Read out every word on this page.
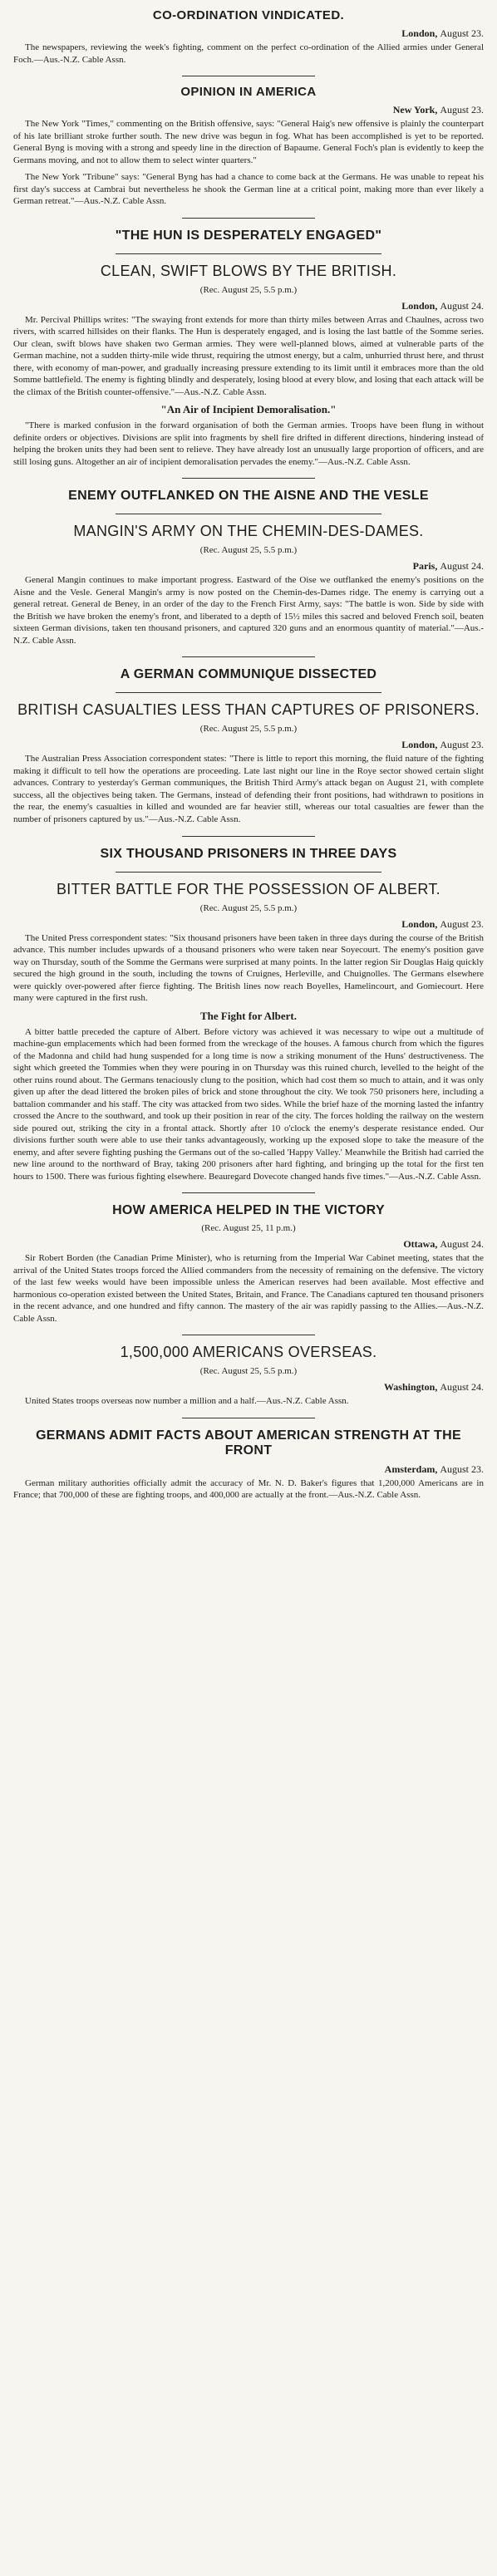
CO-ORDINATION VINDICATED.
London, August 23.

The newspapers, reviewing the week's fighting, comment on the perfect co-ordination of the Allied armies under General Foch.—Aus.-N.Z. Cable Assn.

OPINION IN AMERICA
New York, August 23.

The New York "Times," commenting on the British offensive, says: "General Haig's new offensive is plainly the counterpart of his late brilliant stroke further south. The new drive was begun in fog. What has been accomplished is yet to be reported. General Byng is moving with a strong and speedy line in the direction of Bapaume. General Foch's plan is evidently to keep the Germans moving, and not to allow them to select winter quarters."

The New York "Tribune" says: "General Byng has had a chance to come back at the Germans. He was unable to repeat his first day's success at Cambrai but nevertheless he shook the German line at a critical point, making more than ever likely a German retreat."—Aus.-N.Z. Cable Assn.

"THE HUN IS DESPERATELY ENGAGED"
CLEAN, SWIFT BLOWS BY THE BRITISH.
(Rec. August 25, 5.5 p.m.)
London, August 24.

Mr. Percival Phillips writes: "The swaying front extends for more than thirty miles between Arras and Chaulnes, across two rivers, with scarred hillsides on their flanks. The Hun is desperately engaged, and is losing the last battle of the Somme series. Our clean, swift blows have shaken two German armies. They were well-planned blows, aimed at vulnerable parts of the German machine, not a sudden thirty-mile wide thrust, requiring the utmost energy, but a calm, unhurried thrust here, and thrust there, with economy of man-power, and gradually increasing pressure extending to its limit until it embraces more than the old Somme battlefield. The enemy is fighting blindly and desperately, losing blood at every blow, and losing that each attack will be the climax of the British counter-offensive."—Aus.-N.Z. Cable Assn.

"An Air of Incipient Demoralisation."

"There is marked confusion in the forward organisation of both the German armies. Troops have been flung in without definite orders or objectives. Divisions are split into fragments by shell fire drifted in different directions, hindering instead of helping the broken units they had been sent to relieve. They have already lost an unusually large proportion of officers, and are still losing guns. Altogether an air of incipient demoralisation pervades the enemy."—Aus.-N.Z. Cable Assn.

ENEMY OUTFLANKED ON THE AISNE AND THE VESLE
MANGIN'S ARMY ON THE CHEMIN-DES-DAMES.
(Rec. August 25, 5.5 p.m.)
Paris, August 24.

General Mangin continues to make important progress. Eastward of the Oise we outflanked the enemy's positions on the Aisne and the Vesle. General Mangin's army is now posted on the Chemin-des-Dames ridge. The enemy is carrying out a general retreat. General de Beney, in an order of the day to the French First Army, says: "The battle is won. Side by side with the British we have broken the enemy's front, and liberated to a depth of 15½ miles this sacred and beloved French soil, beaten sixteen German divisions, taken ten thousand prisoners, and captured 320 guns and an enormous quantity of material."—Aus.-N.Z. Cable Assn.

A GERMAN COMMUNIQUE DISSECTED
BRITISH CASUALTIES LESS THAN CAPTURES OF PRISONERS.
(Rec. August 25, 5.5 p.m.)
London, August 23.

The Australian Press Association correspondent states: "There is little to report this morning, the fluid nature of the fighting making it difficult to tell how the operations are proceeding. Late last night our line in the Roye sector showed certain slight advances. Contrary to yesterday's German communiques, the British Third Army's attack began on August 21, with complete success, all the objectives being taken. The Germans, instead of defending their front positions, had withdrawn to positions in the rear, the enemy's casualties in killed and wounded are far heavier still, whereas our total casualties are fewer than the number of prisoners captured by us."—Aus.-N.Z. Cable Assn.

SIX THOUSAND PRISONERS IN THREE DAYS
BITTER BATTLE FOR THE POSSESSION OF ALBERT.
(Rec. August 25, 5.5 p.m.)
London, August 23.

The United Press correspondent states: "Six thousand prisoners have been taken in three days during the course of the British advance. This number includes upwards of a thousand prisoners who were taken near Soyecourt. The enemy's position gave way on Thursday, south of the Somme the Germans were surprised at many points. In the latter region Sir Douglas Haig quickly secured the high ground in the south, including the towns of Cruignes, Herleville, and Chuignolles. The Germans elsewhere were quickly over-powered after fierce fighting. The British lines now reach Boyelles, Hamelincourt, and Gomiecourt. Here many were captured in the first rush.

The Fight for Albert.

A bitter battle preceded the capture of Albert. Before victory was achieved it was necessary to wipe out a multitude of machine-gun emplacements which had been formed from the wreckage of the houses. A famous church from which the figures of the Madonna and child had hung suspended for a long time is now a striking monument of the Huns' destructiveness. The sight which greeted the Tommies when they were pouring in on Thursday was this ruined church, levelled to the height of the other ruins round about. The Germans tenaciously clung to the position, which had cost them so much to attain, and it was only given up after the dead littered the broken piles of brick and stone throughout the city. We took 750 prisoners here, including a battalion commander and his staff. The city was attacked from two sides. While the brief haze of the morning lasted the infantry crossed the Ancre to the southward, and took up their position in rear of the city. The forces holding the railway on the western side poured out, striking the city in a frontal attack. Shortly after 10 o'clock the enemy's desperate resistance ended. Our divisions further south were able to use their tanks advantageously, working up the exposed slope to take the measure of the enemy, and after severe fighting pushing the Germans out of the so-called 'Happy Valley.' Meanwhile the British had carried the new line around to the northward of Bray, taking 200 prisoners after hard fighting, and bringing up the total for the first ten hours to 1500. There was furious fighting elsewhere. Beauregard Dovecote changed hands five times."—Aus.-N.Z. Cable Assn.

HOW AMERICA HELPED IN THE VICTORY
(Rec. August 25, 11 p.m.)
Ottawa, August 24.

Sir Robert Borden (the Canadian Prime Minister), who is returning from the Imperial War Cabinet meeting, states that the arrival of the United States troops forced the Allied commanders from the necessity of remaining on the defensive. The victory of the last few weeks would have been impossible unless the American reserves had been available. Most effective and harmonious co-operation existed between the United States, Britain, and France. The Canadians captured ten thousand prisoners in the recent advance, and one hundred and fifty cannon. The mastery of the air was rapidly passing to the Allies.—Aus.-N.Z. Cable Assn.

1,500,000 AMERICANS OVERSEAS.
(Rec. August 25, 5.5 p.m.)
Washington, August 24.

United States troops overseas now number a million and a half.—Aus.-N.Z. Cable Assn.

GERMANS ADMIT FACTS ABOUT AMERICAN STRENGTH AT THE FRONT
Amsterdam, August 23.

German military authorities officially admit the accuracy of Mr. N. D. Baker's figures that 1,200,000 Americans are in France; that 700,000 of these are fighting troops, and 400,000 are actually at the front.—Aus.-N.Z. Cable Assn.
